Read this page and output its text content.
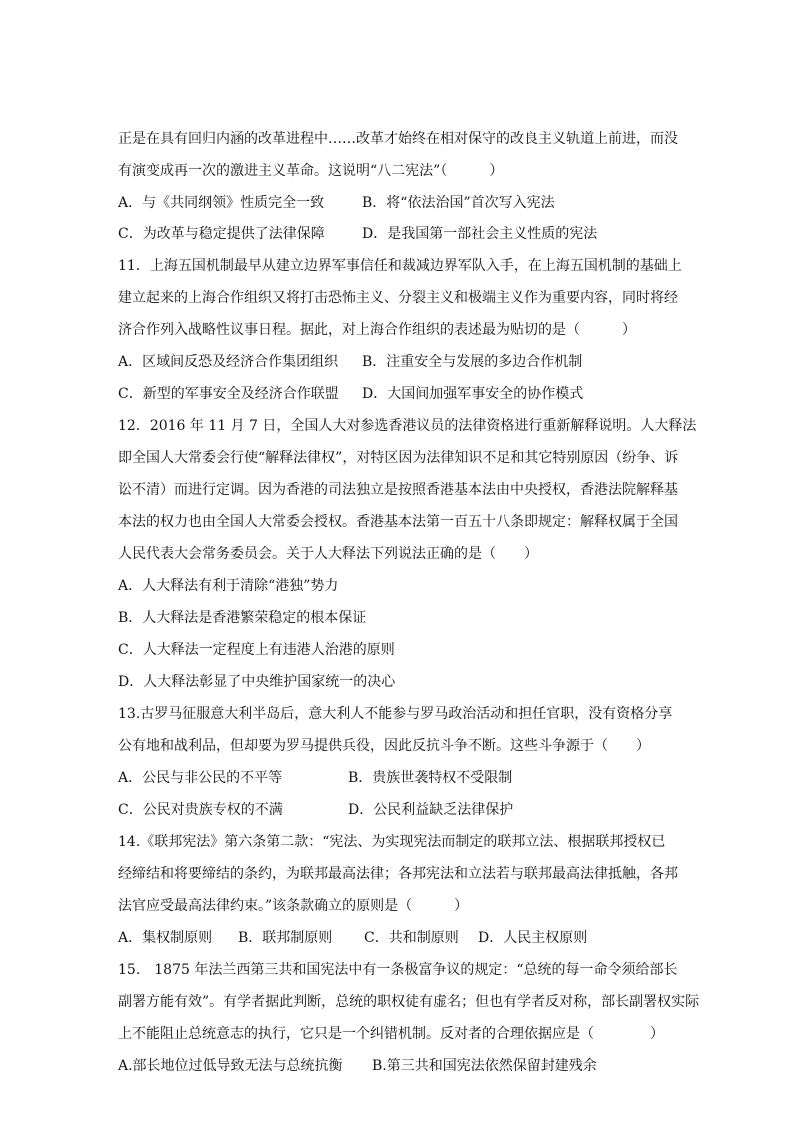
正是在具有回归内涵的改革进程中……改革才始终在相对保守的改良主义轨道上前进，而没
有演变成再一次的激进主义革命。这说明“八二宪法”（　　　）
A．与《共同纲领》性质完全一致	B．将“依法治国”首次写入宪法
C．为改革与稳定提供了法律保障	D．是我国第一部社会主义性质的宪法
11．上海五国机制最早从建立边界军事信任和裁减边界军队入手，在上海五国机制的基础上
建立起来的上海合作组织又将打击恐怖主义、分裂主义和极端主义作为重要内容，同时将经
济合作列入战略性议事日程。据此，对上海合作组织的表述最为贴切的是（　　　）
A．区域间反恐及经济合作集团组织 B．注重安全与发展的多边合作机制
C．新型的军事安全及经济合作联盟 D．大国间加强军事安全的协作模式
12．2016 年 11 月 7 日，全国人大对参选香港议员的法律资格进行重新解释说明。人大释法
即全国人大常委会行使“解释法律权”，对特区因为法律知识不足和其它特别原因（纷争、诉
讼不清）而进行定调。因为香港的司法独立是按照香港基本法由中央授权，香港法院解释基
本法的权力也由全国人大常委会授权。香港基本法第一百五十八条即规定：解释权属于全国
人民代表大会常务委员会。关于人大释法下列说法正确的是（　　）
A．人大释法有利于清除“港独”势力
B．人大释法是香港繁荣稳定的根本保证
C．人大释法一定程度上有违港人治港的原则
D．人大释法彰显了中央维护国家统一的决心
13.古罗马征服意大利半岛后，意大利人不能参与罗马政治活动和担任官职，没有资格分享
公有地和战利品，但却要为罗马提供兵役，因此反抗斗争不断。这些斗争源于（　　）
A．公民与非公民的不平等	B．贵族世袭特权不受限制
C．公民对贵族专权的不满	D．公民利益缺乏法律保护
14.《联邦宪法》第六条第二款：“宪法、为实现宪法而制定的联邦立法、根据联邦授权已
经缔结和将要缔结的条约，为联邦最高法律；各邦宪法和立法若与联邦最高法律抵触，各邦
法官应受最高法律约束。”该条款确立的原则是（　　　）
A．集权制原则 B．联邦制原则 C．共和制原则 D．人民主权原则
15.　1875 年法兰西第三共和国宪法中有一条极富争议的规定：“总统的每一命令须给部长
副署方能有效”。有学者据此判断，总统的职权徒有虚名；但也有学者反对称，部长副署权实际
上不能阻止总统意志的执行，它只是一个纠错机制。反对者的合理依据应是（　　　　）
A.部长地位过低导致无法与总统抗衡 B.第三共和国宪法依然保留封建残余
